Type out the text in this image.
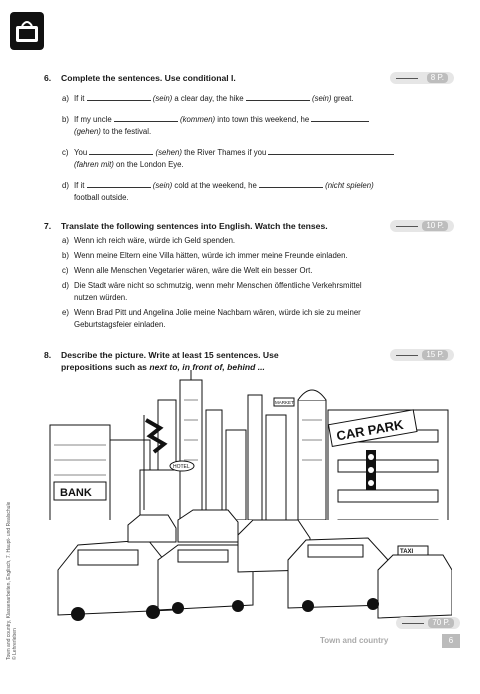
Town and country, Klassenarbeiten, Englisch, 7. Haupt- und Realschule
© Lehrerleben
6. Complete the sentences. Use conditional I.	8 P.
a) If it	(sein) a clear day, the hike	(sein) great.
b) If my uncle	(kommen) into town this weekend, he
(gehen) to the festival.
c) You	(sehen) the River Thames if you
(fahren mit) on the London Eye.
d) If it	(sein) cold at the weekend, he	(nicht spielen)
football outside.
7. Translate the following sentences into English. Watch the tenses.	10 P.
a) Wenn ich reich wäre, würde ich Geld spenden.
b) Wenn meine Eltern eine Villa hätten, würde ich immer meine Freunde einladen.
c) Wenn alle Menschen Vegetarier wären, wäre die Welt ein besser Ort.
d) Die Stadt wäre nicht so schmutzig, wenn mehr Menschen öffentliche Verkehrsmittel
nutzen würden.
e) Wenn Brad Pitt und Angelina Jolie meine Nachbarn wären, würde ich sie zu meiner
Geburtstagsfeier einladen.
8. Describe the picture. Write at least 15 sentences. Use
prepositions such as next to, in front of, behind ...
15 P.
BANK
CAR PARK
HOTEL
MARKET
TAXI
70 P.
Town and country	6
